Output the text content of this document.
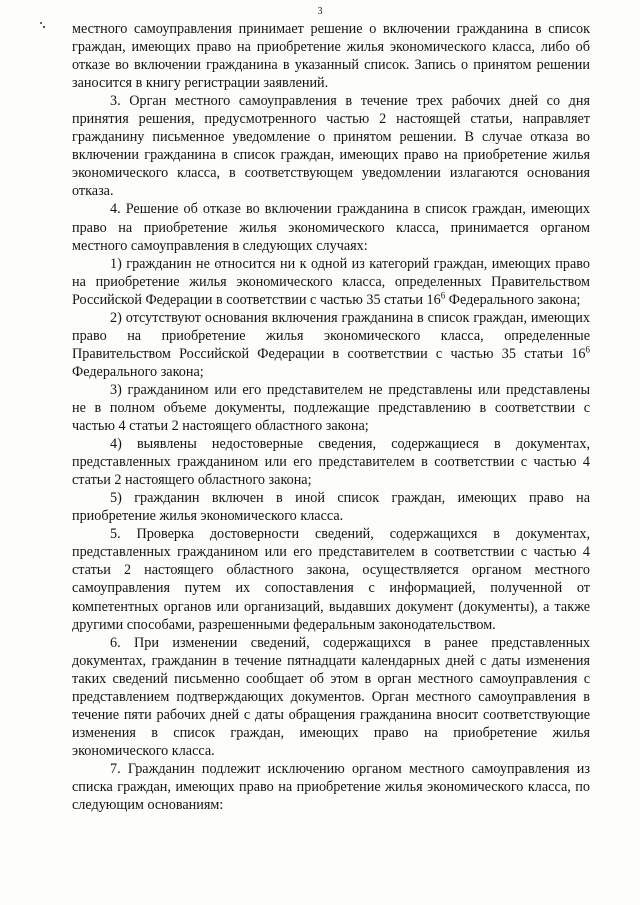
3

местного самоуправления принимает решение о включении гражданина в список граждан, имеющих право на приобретение жилья экономического класса, либо об отказе во включении гражданина в указанный список. Запись о принятом решении заносится в книгу регистрации заявлений.

3. Орган местного самоуправления в течение трех рабочих дней со дня принятия решения, предусмотренного частью 2 настоящей статьи, направляет гражданину письменное уведомление о принятом решении. В случае отказа во включении гражданина в список граждан, имеющих право на приобретение жилья экономического класса, в соответствующем уведомлении излагаются основания отказа.

4. Решение об отказе во включении гражданина в список граждан, имеющих право на приобретение жилья экономического класса, принимается органом местного самоуправления в следующих случаях:

1) гражданин не относится ни к одной из категорий граждан, имеющих право на приобретение жилья экономического класса, определенных Правительством Российской Федерации в соответствии с частью 35 статьи $16^6$ Федерального закона;

2) отсутствуют основания включения гражданина в список граждан, имеющих право на приобретение жилья экономического класса, определенные Правительством Российской Федерации в соответствии с частью 35 статьи $16^6$ Федерального закона;

3) гражданином или его представителем не представлены или представлены не в полном объеме документы, подлежащие представлению в соответствии с частью 4 статьи 2 настоящего областного закона;

4) выявлены недостоверные сведения, содержащиеся в документах, представленных гражданином или его представителем в соответствии с частью 4 статьи 2 настоящего областного закона;

5) гражданин включен в иной список граждан, имеющих право на приобретение жилья экономического класса.

5. Проверка достоверности сведений, содержащихся в документах, представленных гражданином или его представителем в соответствии с частью 4 статьи 2 настоящего областного закона, осуществляется органом местного самоуправления путем их сопоставления с информацией, полученной от компетентных органов или организаций, выдавших документ (документы), а также другими способами, разрешенными федеральным законодательством.

6. При изменении сведений, содержащихся в ранее представленных документах, гражданин в течение пятнадцати календарных дней с даты изменения таких сведений письменно сообщает об этом в орган местного самоуправления с представлением подтверждающих документов. Орган местного самоуправления в течение пяти рабочих дней с даты обращения гражданина вносит соответствующие изменения в список граждан, имеющих право на приобретение жилья экономического класса.

7. Гражданин подлежит исключению органом местного самоуправления из списка граждан, имеющих право на приобретение жилья экономического класса, по следующим основаниям:
